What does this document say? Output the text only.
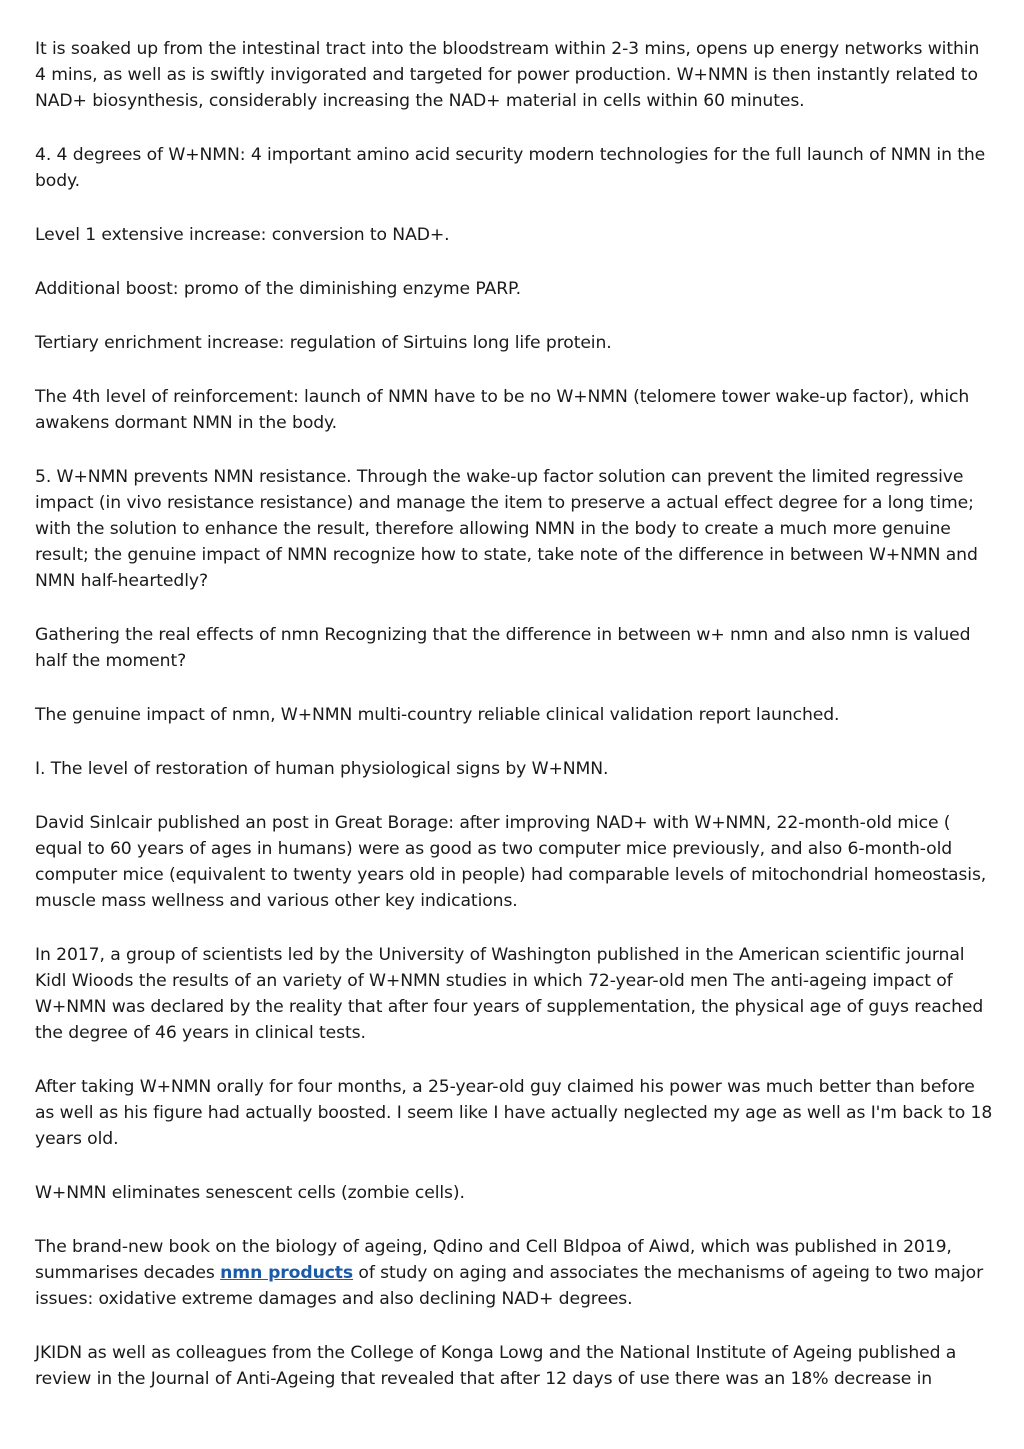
It is soaked up from the intestinal tract into the bloodstream within 2-3 mins, opens up energy networks within 4 mins, as well as is swiftly invigorated and targeted for power production. W+NMN is then instantly related to NAD+ biosynthesis, considerably increasing the NAD+ material in cells within 60 minutes.

4. 4 degrees of W+NMN: 4 important amino acid security modern technologies for the full launch of NMN in the body.

Level 1 extensive increase: conversion to NAD+.

Additional boost: promo of the diminishing enzyme PARP.

Tertiary enrichment increase: regulation of Sirtuins long life protein.

The 4th level of reinforcement: launch of NMN have to be no W+NMN (telomere tower wake-up factor), which awakens dormant NMN in the body.

5. W+NMN prevents NMN resistance. Through the wake-up factor solution can prevent the limited regressive impact (in vivo resistance resistance) and manage the item to preserve a actual effect degree for a long time; with the solution to enhance the result, therefore allowing NMN in the body to create a much more genuine result; the genuine impact of NMN recognize how to state, take note of the difference in between W+NMN and NMN half-heartedly?

Gathering the real effects of nmn Recognizing that the difference in between w+ nmn and also nmn is valued half the moment?

The genuine impact of nmn, W+NMN multi-country reliable clinical validation report launched.

I. The level of restoration of human physiological signs by W+NMN.

David Sinlcair published an post in Great Borage: after improving NAD+ with W+NMN, 22-month-old mice ( equal to 60 years of ages in humans) were as good as two computer mice previously, and also 6-month-old computer mice (equivalent to twenty years old in people) had comparable levels of mitochondrial homeostasis, muscle mass wellness and various other key indications.

In 2017, a group of scientists led by the University of Washington published in the American scientific journal Kidl Wioods the results of an variety of W+NMN studies in which 72-year-old men The anti-ageing impact of W+NMN was declared by the reality that after four years of supplementation, the physical age of guys reached the degree of 46 years in clinical tests.

After taking W+NMN orally for four months, a 25-year-old guy claimed his power was much better than before as well as his figure had actually boosted. I seem like I have actually neglected my age as well as I'm back to 18 years old.

W+NMN eliminates senescent cells (zombie cells).

The brand-new book on the biology of ageing, Qdino and Cell Bldpoa of Aiwd, which was published in 2019, summarises decades nmn products of study on aging and associates the mechanisms of ageing to two major issues: oxidative extreme damages and also declining NAD+ degrees.

JKIDN as well as colleagues from the College of Konga Lowg and the National Institute of Ageing published a review in the Journal of Anti-Ageing that revealed that after 12 days of use there was an 18% decrease in
